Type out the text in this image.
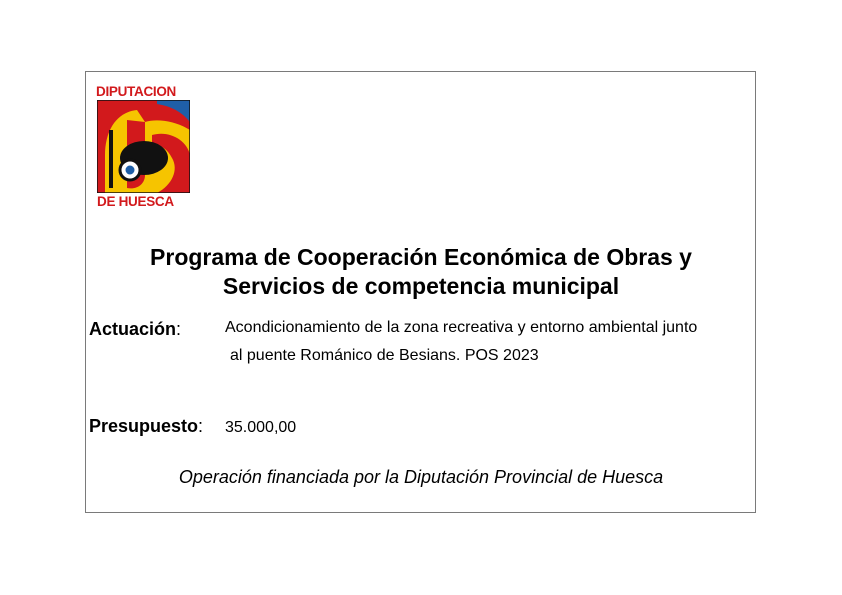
DIPUTACION
DE HUESCA
Programa de Cooperación Económica de Obras y
Servicios de competencia municipal
Actuación:	Acondicionamiento de la zona recreativa y entorno ambiental junto
al puente Románico de Besians. POS 2023
Presupuesto: 35.000,00
Operación financiada por la Diputación Provincial de Huesca
